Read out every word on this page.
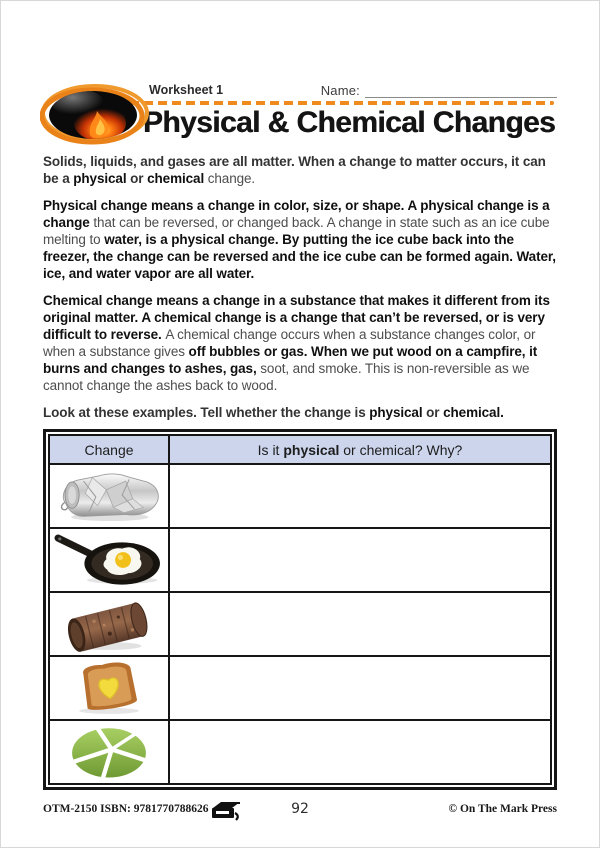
Worksheet 1	Name:
Physical & Chemical Changes

Solids, liquids, and gases are all matter. When a change to matter occurs, it can be a physical or chemical change.

Physical change means a change in color, size, or shape. A physical change is a change that can be reversed, or changed back. A change in state such as an ice cube melting to water, is a physical change. By putting the ice cube back into the freezer, the change can be reversed and the ice cube can be formed again. Water, ice, and water vapor are all water.

Chemical change means a change in a substance that makes it different from its original matter. A chemical change is a change that can’t be reversed, or is very difficult to reverse. A chemical change occurs when a substance changes color, or when a substance gives off bubbles or gas. When we put wood on a campfire, it burns and changes to ashes, gas, soot, and smoke. This is non-reversible as we cannot change the ashes back to wood.

Look at these examples. Tell whether the change is physical or chemical.

Change	Is it physical or chemical? Why?

OTM-2150 ISBN: 9781770788626	92	© On The Mark Press
